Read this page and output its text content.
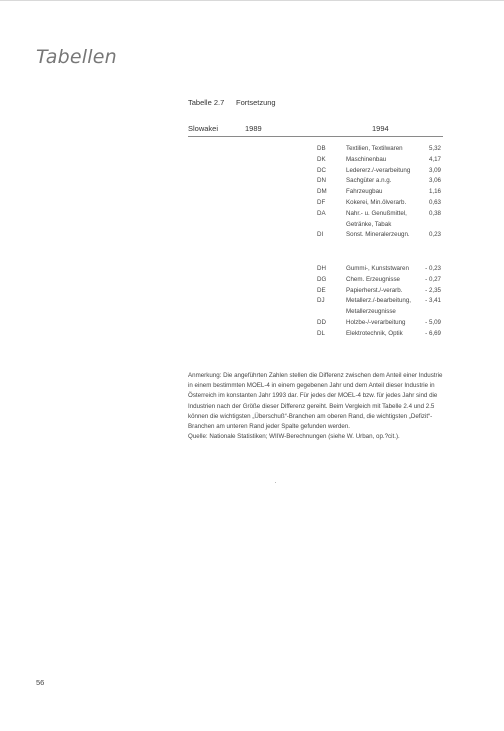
Tabellen
Tabelle 2.7 Fortsetzung
Slowakei	1989	1994
DB	Textilien, Textilwaren	5,32
DK	Maschinenbau	4,17
DC	Ledererz./-verarbeitung	3,09
DN	Sachgüter a.n.g.	3,06
DM	Fahrzeugbau	1,16
DF	Kokerei, Min.ölverarb.	0,63
DA	Nahr.- u. Genußmittel,	0,38
Getränke, Tabak
DI	Sonst. Mineralerzeugn.	0,23
DH	Gummi-, Kunststwaren	- 0,23
DG	Chem. Erzeugnisse	- 0,27
DE	Papierherst./-verarb.	- 2,35
DJ	Metallerz./-bearbeitung,	- 3,41
Metallerzeugnisse
DD	Holzbe-/-verarbeitung	- 5,09
DL	Elektrotechnik, Optik	- 6,69

Anmerkung: Die angeführten Zahlen stellen die Differenz zwischen dem Anteil einer Industrie in einem bestimmten MOEL-4 in einem gegebenen Jahr und dem Anteil dieser Industrie in Österreich im konstanten Jahr 1993 dar. Für jedes der MOEL-4 bzw. für jedes Jahr sind die Industrien nach der Größe dieser Differenz gereiht. Beim Vergleich mit Tabelle 2.4 und 2.5 können die wichtigsten „Überschuß“-Branchen am oberen Rand, die wichtigsten „Defizit“-Branchen am unteren Rand jeder Spalte gefunden werden.

Quelle: Nationale Statistiken; WIIW-Berechnungen (siehe W. Urban, op.?cit.).

56
